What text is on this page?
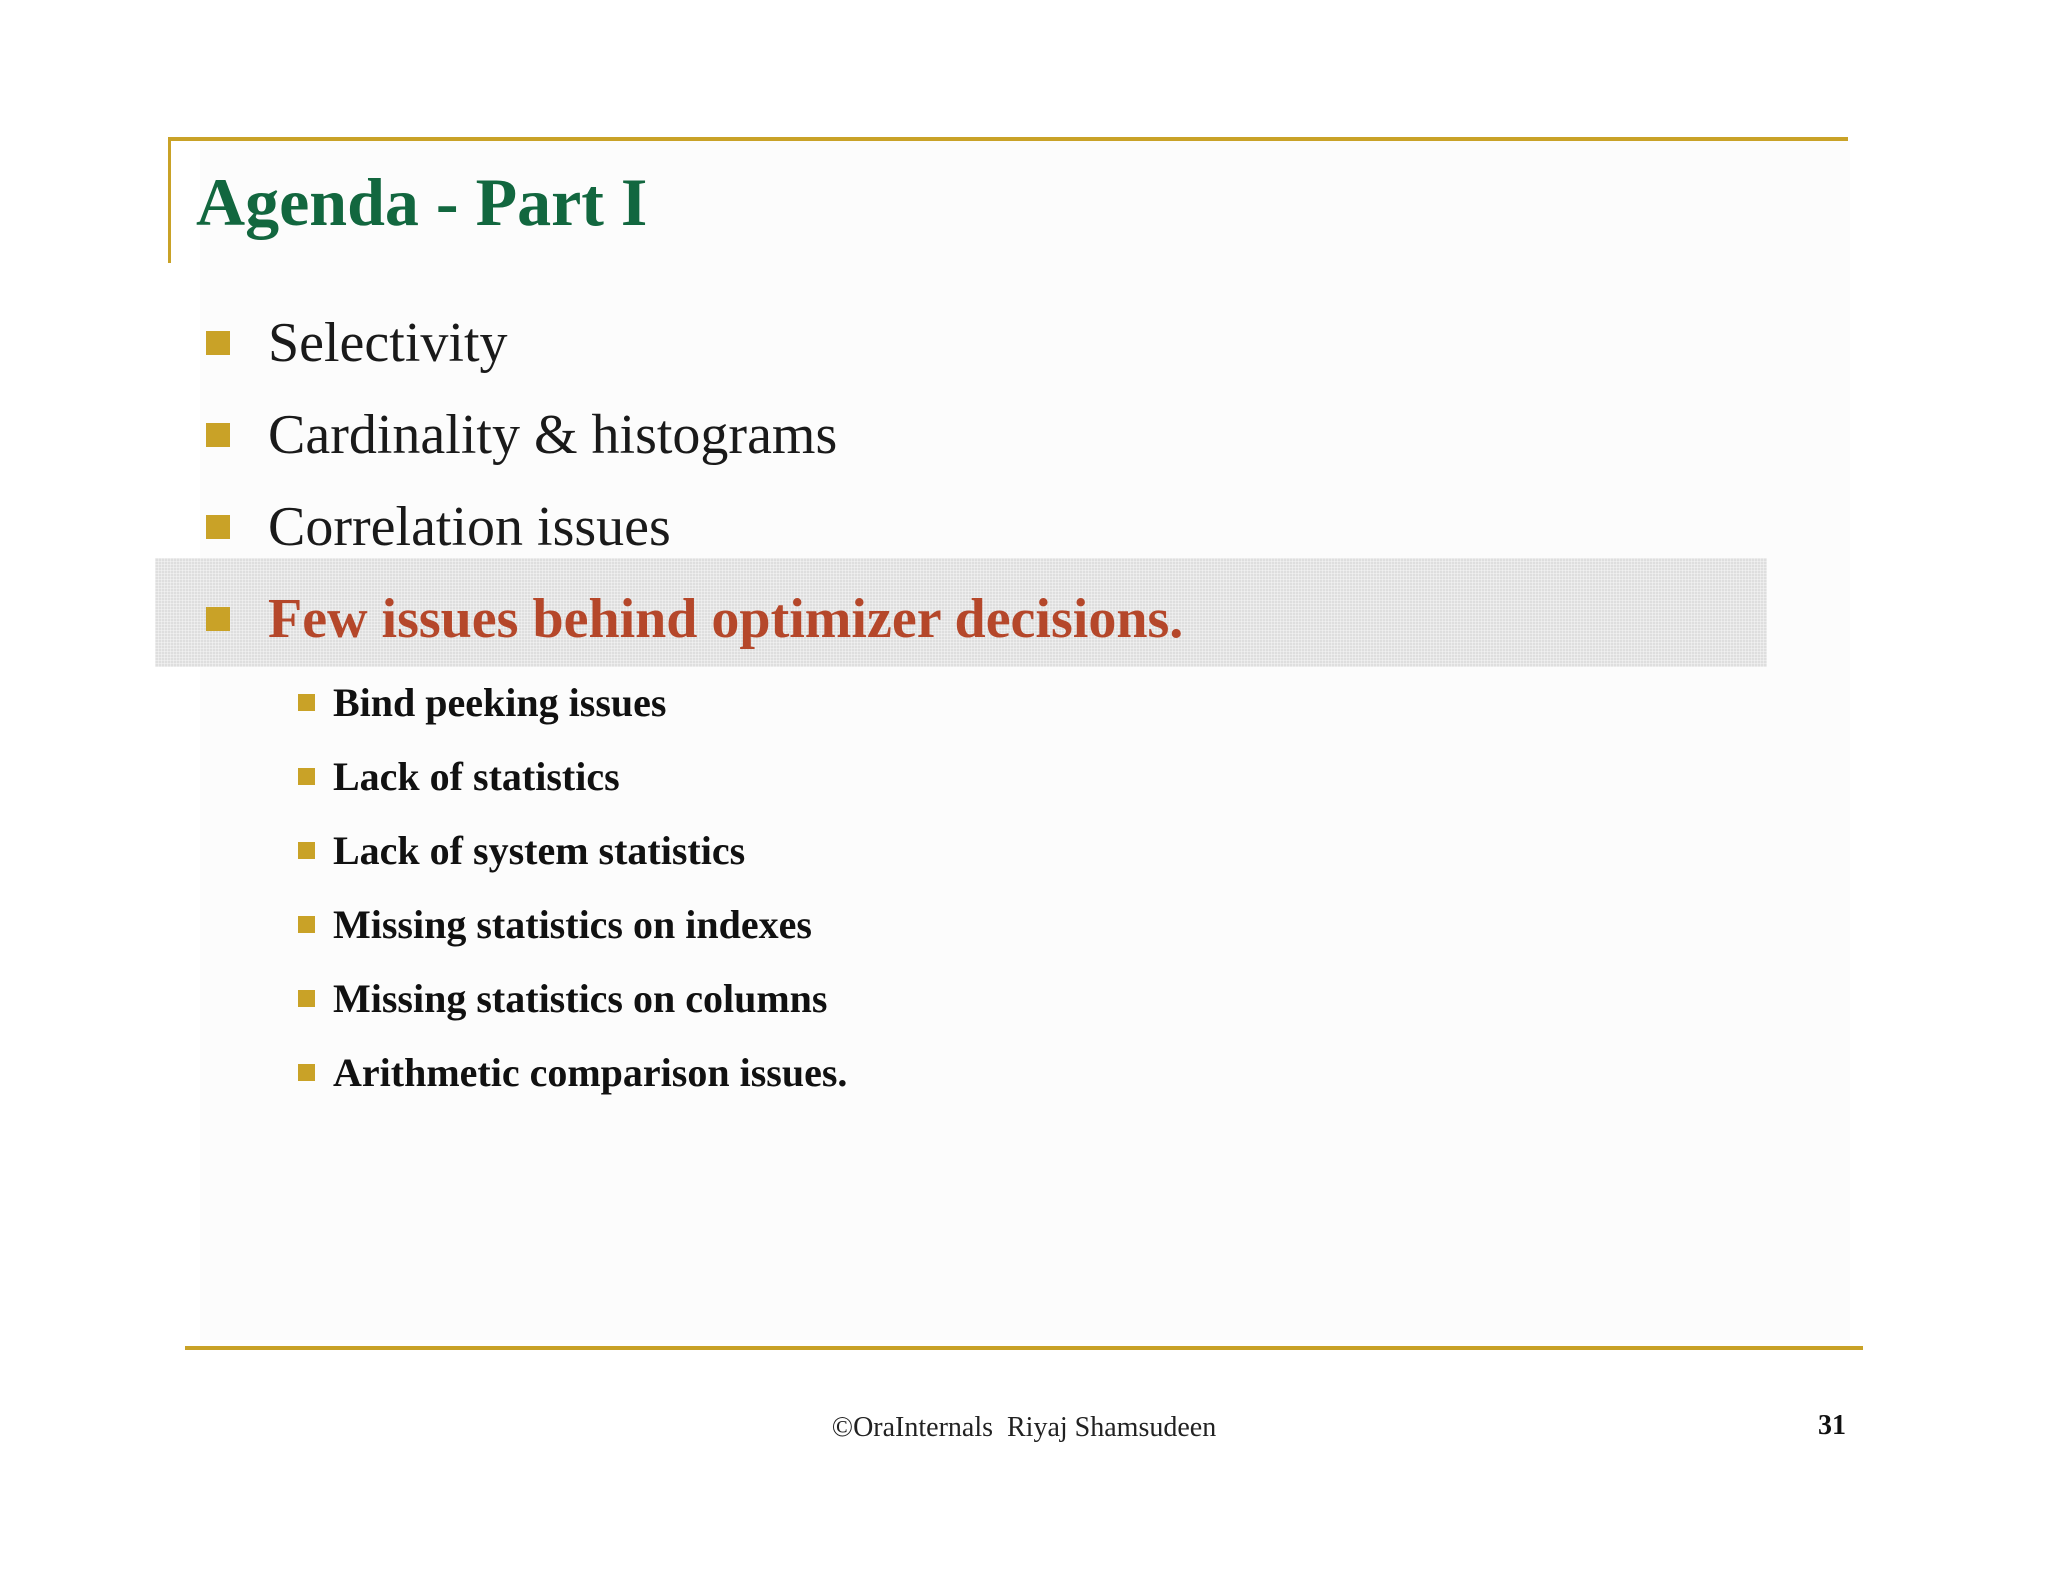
Agenda - Part I
Selectivity
Cardinality & histograms
Correlation issues
Few issues behind optimizer decisions.
Bind peeking issues
Lack of statistics
Lack of system statistics
Missing statistics on indexes
Missing statistics on columns
Arithmetic comparison issues.
©OraInternals  Riyaj Shamsudeen	31
